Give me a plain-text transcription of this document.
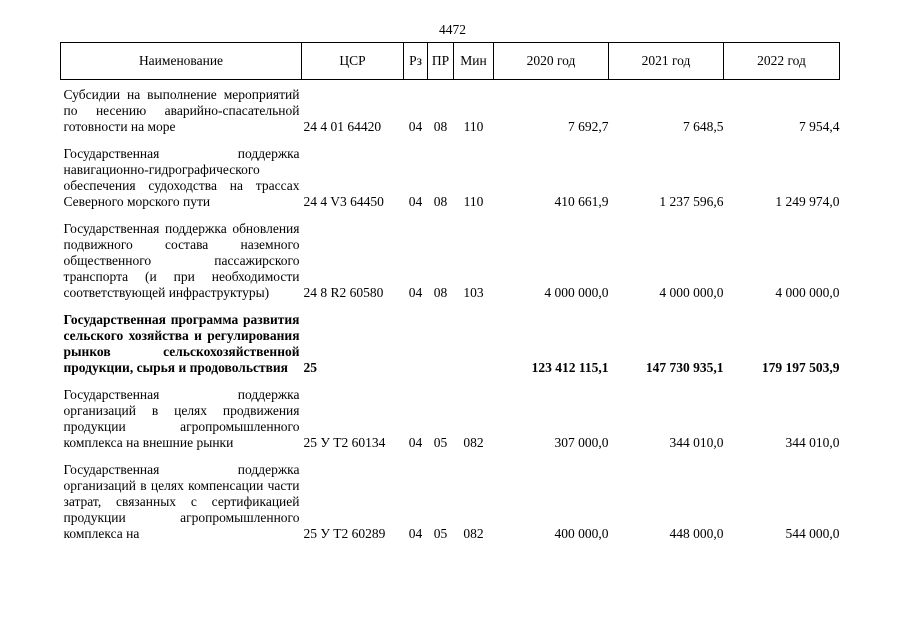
4472
Наименование	ЦСР	Рз	ПР	Мин	2020 год	2021 год	2022 год
Субсидии на выполнение мероприятий по несению аварийно-спасательной готовности на море	24 4 01 64420	04	08	110	7 692,7	7 648,5	7 954,4
Государственная поддержка навигационно-гидрографического обеспечения судоходства на трассах Северного морского пути	24 4 V3 64450	04	08	110	410 661,9	1 237 596,6	1 249 974,0
Государственная поддержка обновления подвижного состава наземного общественного пассажирского транспорта (и при необходимости соответствующей инфраструктуры)	24 8 R2 60580	04	08	103	4 000 000,0	4 000 000,0	4 000 000,0
Государственная программа развития сельского хозяйства и регулирования рынков сельскохозяйственной продукции, сырья и продовольствия	25				123 412 115,1	147 730 935,1	179 197 503,9
Государственная поддержка организаций в целях продвижения продукции агропромышленного комплекса на внешние рынки	25 У Т2 60134	04	05	082	307 000,0	344 010,0	344 010,0
Государственная поддержка организаций в целях компенсации части затрат, связанных с сертификацией продукции агропромышленного комплекса на	25 У Т2 60289	04	05	082	400 000,0	448 000,0	544 000,0
